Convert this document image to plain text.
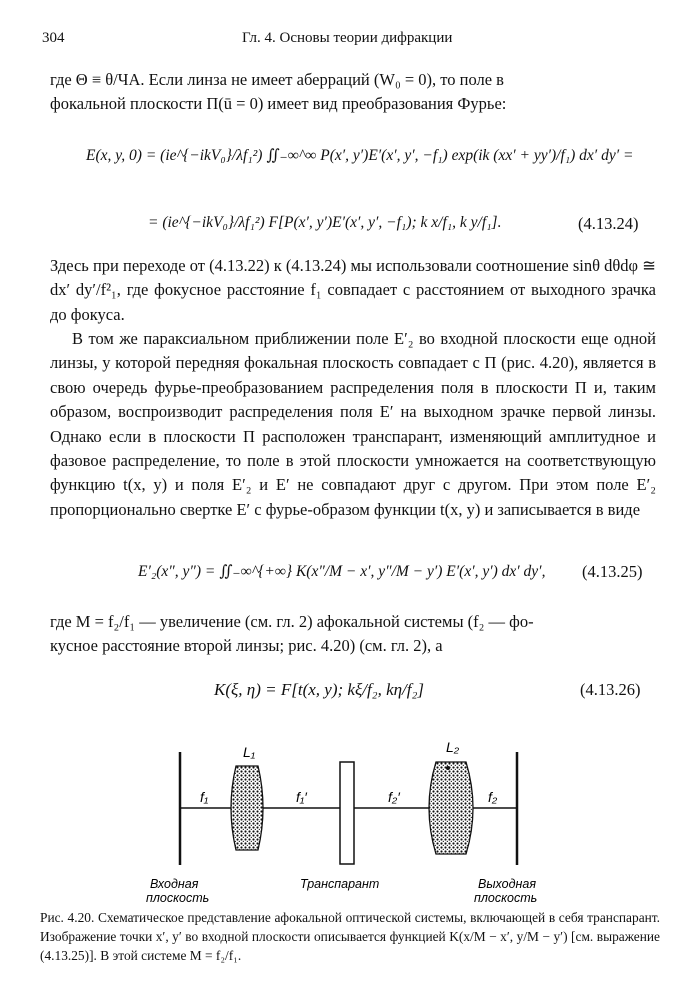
304	Гл. 4. Основы теории дифракции
где Θ ≡ θ/ЧА. Если линза не имеет аберраций (W₀ = 0), то поле в
фокальной плоскости Π(ū = 0) имеет вид преобразования Фурье:
E(x, y, 0) = (ie^{−ikV₀}/λf₁²) ∬₋∞^∞ P(x′, y′)E′(x′, y′, −f₁) exp(ik (xx′ + yy′)/f₁) dx′ dy′ =
= (ie^{−ikV₀}/λf₁²) F[P(x′, y′)E′(x′, y′, −f₁); k x/f₁, k y/f₁].	(4.13.24)
Здесь при переходе от (4.13.22) к (4.13.24) мы использовали соотношение sinθ dθdφ ≅ dx′ dy′/f²₁, где фокусное расстояние f₁ совпадает с расстоянием от выходного зрачка до фокуса.
В том же параксиальном приближении поле E′₂ во входной плоскости еще одной линзы, у которой передняя фокальная плоскость совпадает с Π (рис. 4.20), является в свою очередь фурье-преобразованием распределения поля в плоскости Π и, таким образом, воспроизводит распределения поля E′ на выходном зрачке первой линзы. Однако если в плоскости Π расположен транспарант, изменяющий амплитудное и фазовое распределение, то поле в этой плоскости умножается на соответствующую функцию t(x, y) и поля E′₂ и E′ не совпадают друг с другом. При этом поле E′₂ пропорционально свертке E′ с фурье-образом функции t(x, y) и записывается в виде
E′₂(x″, y″) = ∬₋∞^{+∞} K(x″/M − x′, y″/M − y′) E′(x′, y′) dx′ dy′, (4.13.25)
где M = f₂/f₁ — увеличение (см. гл. 2) афокальной системы (f₂ — фо-
кусное расстояние второй линзы; рис. 4.20) (см. гл. 2), а
K(ξ, η) = F[t(x, y); kξ/f₂, kη/f₂]	(4.13.26)
L₁	L₂
f₁	f₁′	f₂′	f₂
Входная
плоскость
Транспарант	Выходная
плоскость
Рис. 4.20. Схематическое представление афокальной оптической системы, включающей в себя транспарант. Изображение точки x′, y′ во входной плоскости описывается функцией K(x/M − x′, y/M − y′) [см. выражение (4.13.25)]. В этой системе M = f₂/f₁.
